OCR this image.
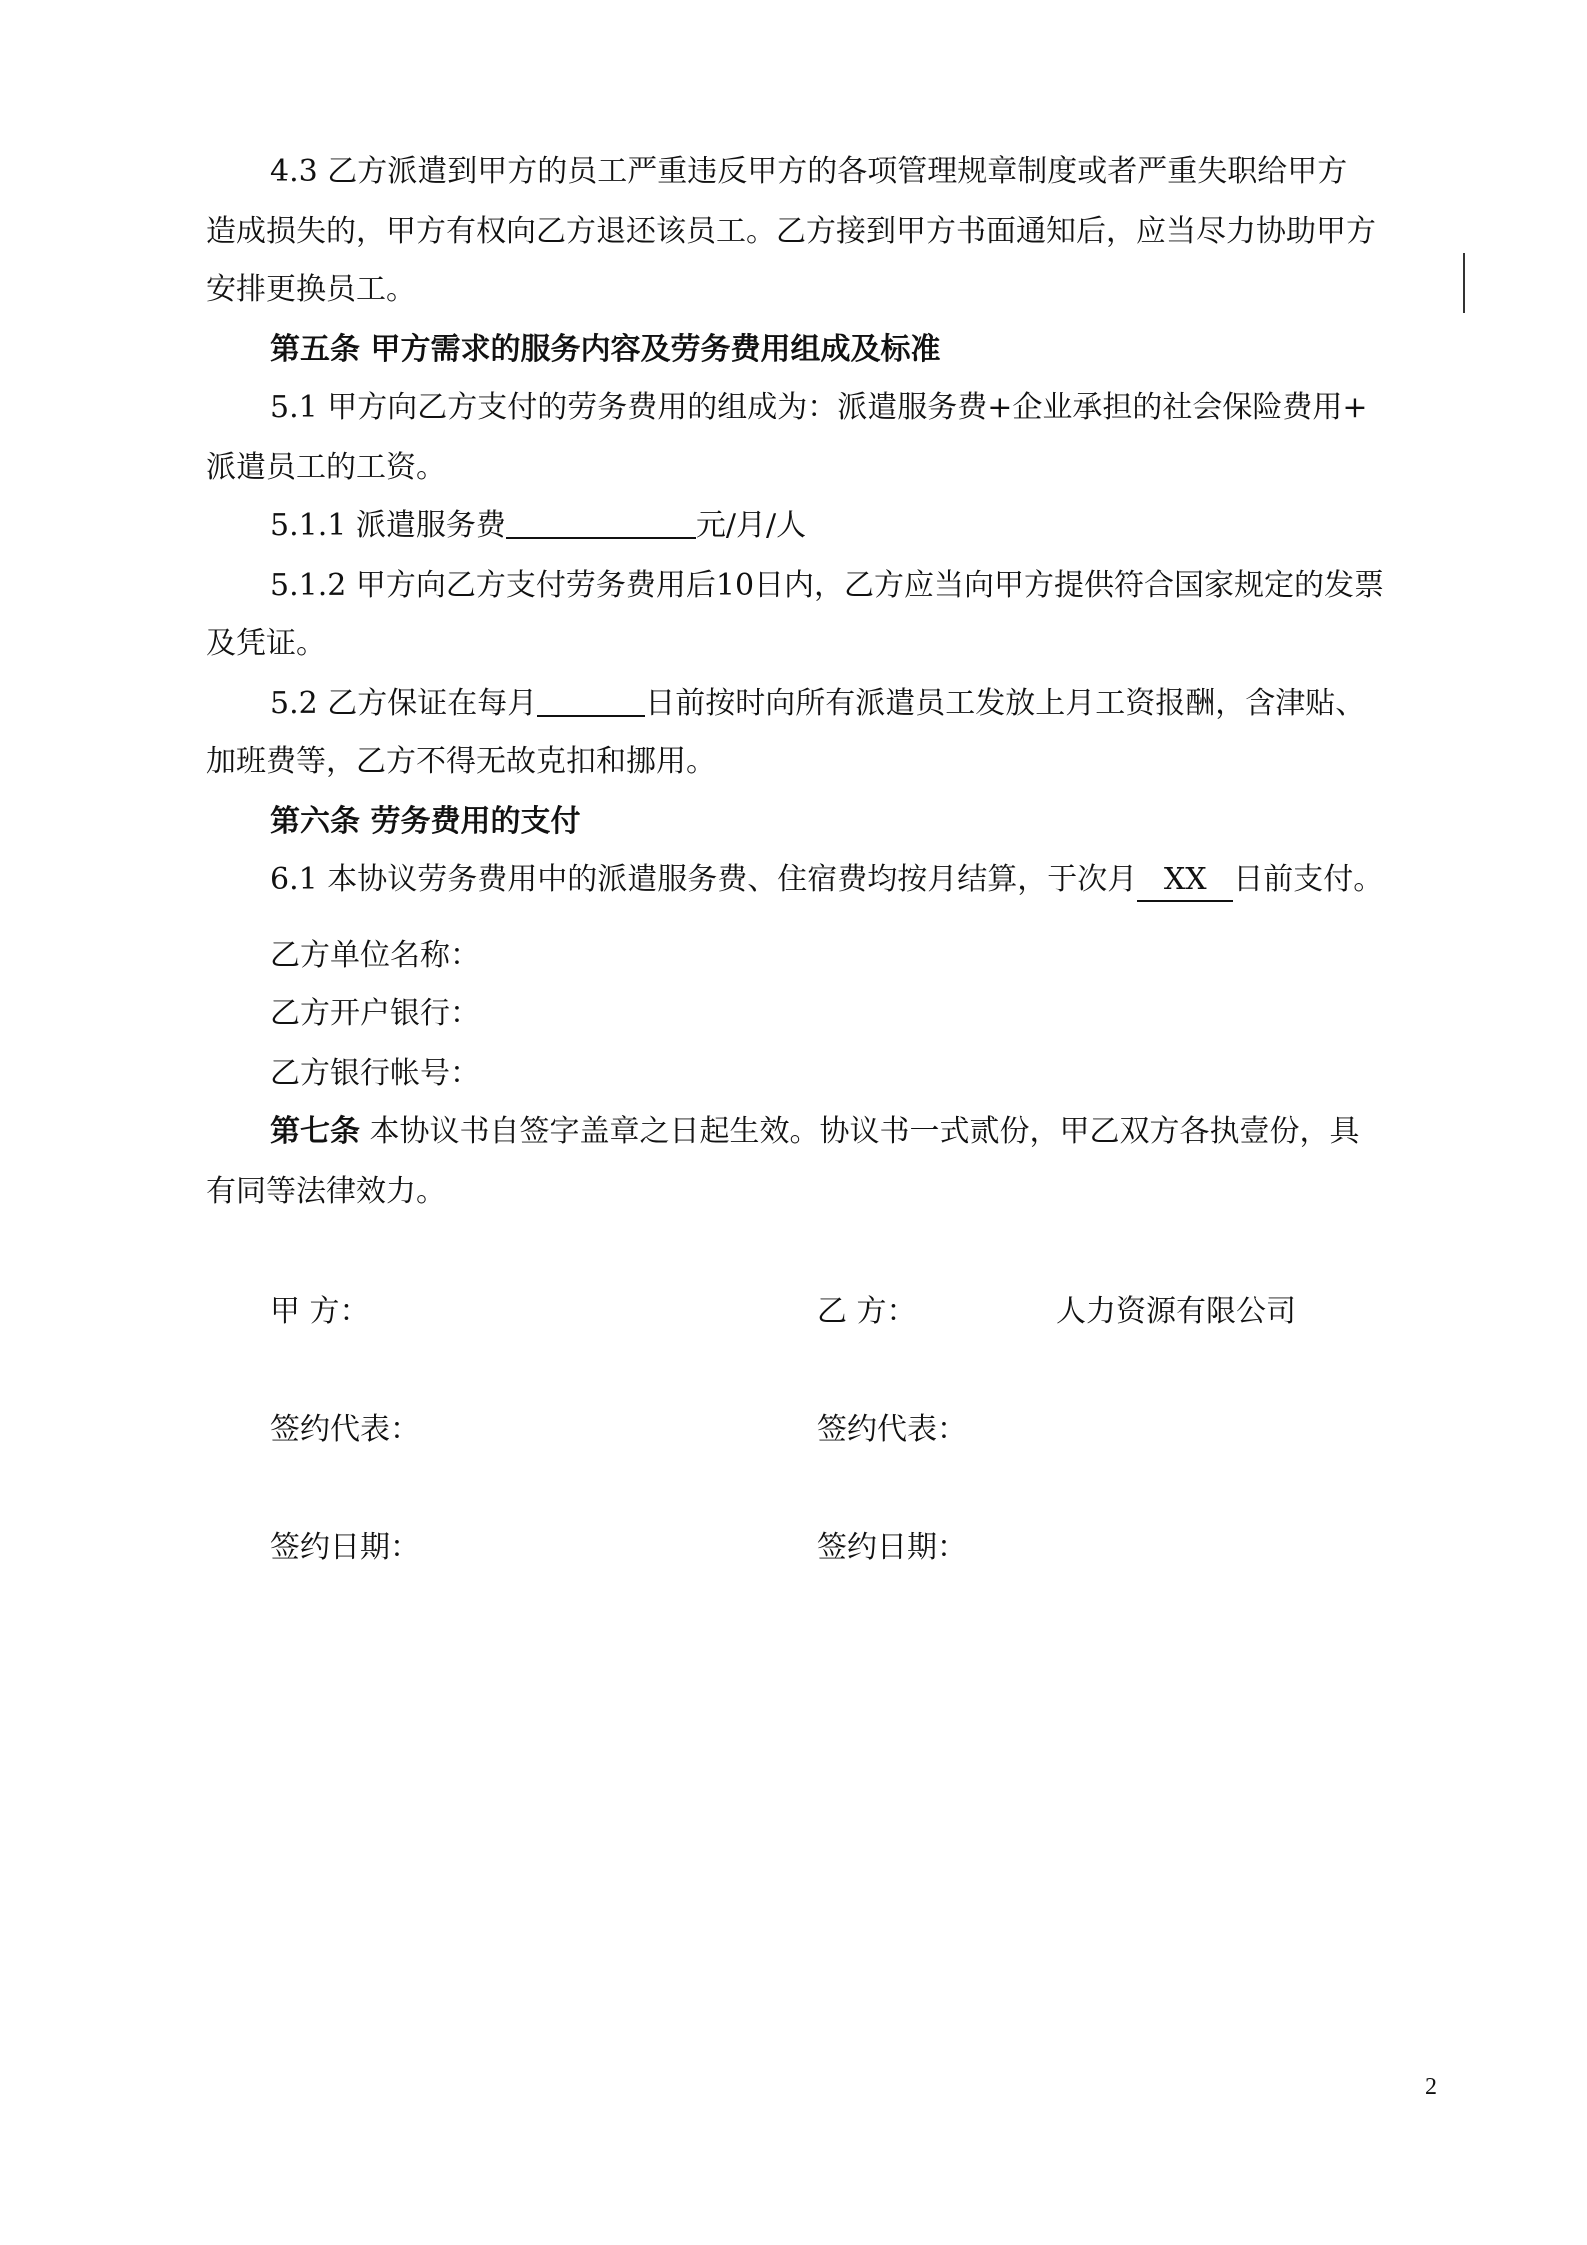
4.3 乙方派遣到甲方的员工严重违反甲方的各项管理规章制度或者严重失职给甲方
造成损失的，甲方有权向乙方退还该员工。乙方接到甲方书面通知后，应当尽力协助甲方
安排更换员工。
第五条 甲方需求的服务内容及劳务费用组成及标准
5.1 甲方向乙方支付的劳务费用的组成为：派遣服务费+企业承担的社会保险费用+
派遣员工的工资。
5.1.1 派遣服务费	元/月/人
5.1.2 甲方向乙方支付劳务费用后10日内，乙方应当向甲方提供符合国家规定的发票
及凭证。
5.2 乙方保证在每月	日前按时向所有派遣员工发放上月工资报酬，含津贴、
加班费等，乙方不得无故克扣和挪用。
第六条 劳务费用的支付
6.1 本协议劳务费用中的派遣服务费、住宿费均按月结算，于次月 XX 日前支付。
乙方单位名称：
乙方开户银行：
乙方银行帐号：
第七条 本协议书自签字盖章之日起生效。协议书一式贰份，甲乙双方各执壹份，具
有同等法律效力。
甲 方：	乙 方：	人力资源有限公司
签约代表：	签约代表：
签约日期：	签约日期：
2
